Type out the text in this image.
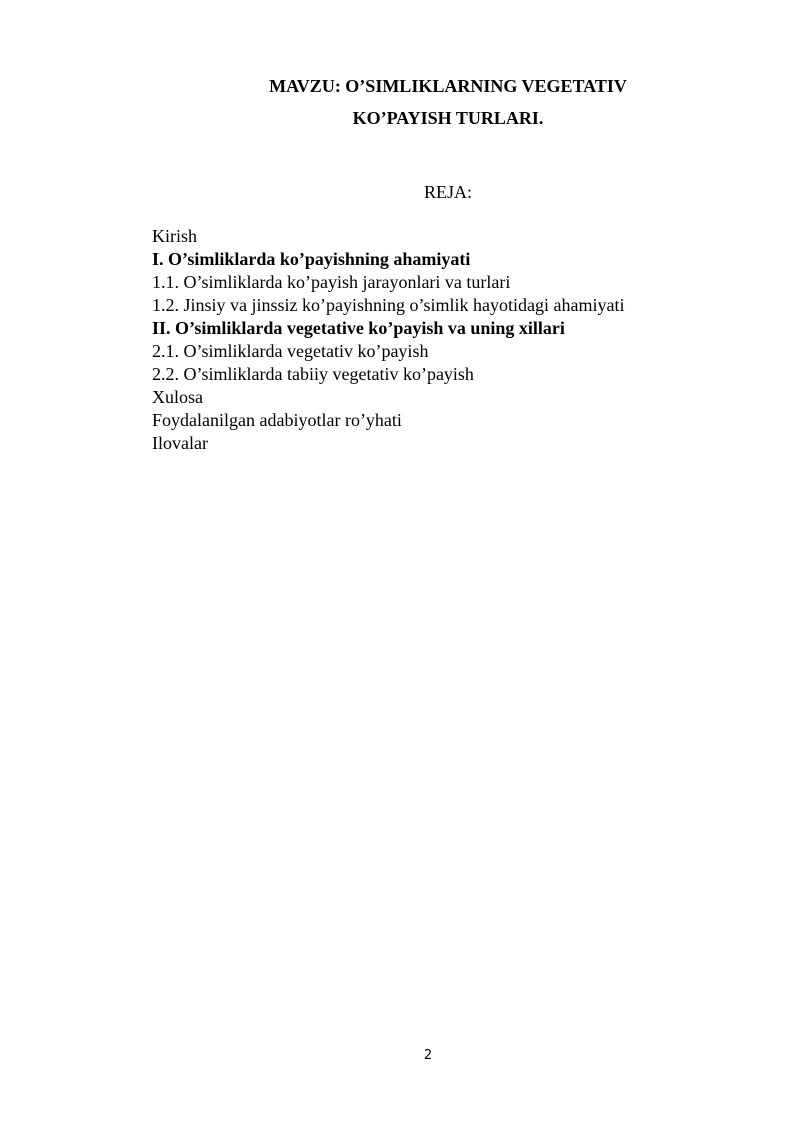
MAVZU: O’SIMLIKLARNING VEGETATIV
KO’PAYISH TURLARI.
REJA:
Kirish
I. O’simliklarda ko’payishning ahamiyati
1.1. O’simliklarda ko’payish jarayonlari va turlari
1.2. Jinsiy va jinssiz ko’payishning o’simlik hayotidagi ahamiyati
II. O’simliklarda vegetative ko’payish va uning xillari
2.1. O’simliklarda vegetativ ko’payish
2.2. O’simliklarda tabiiy vegetativ ko’payish
Xulosa
Foydalanilgan adabiyotlar ro’yhati
Ilovalar
2
